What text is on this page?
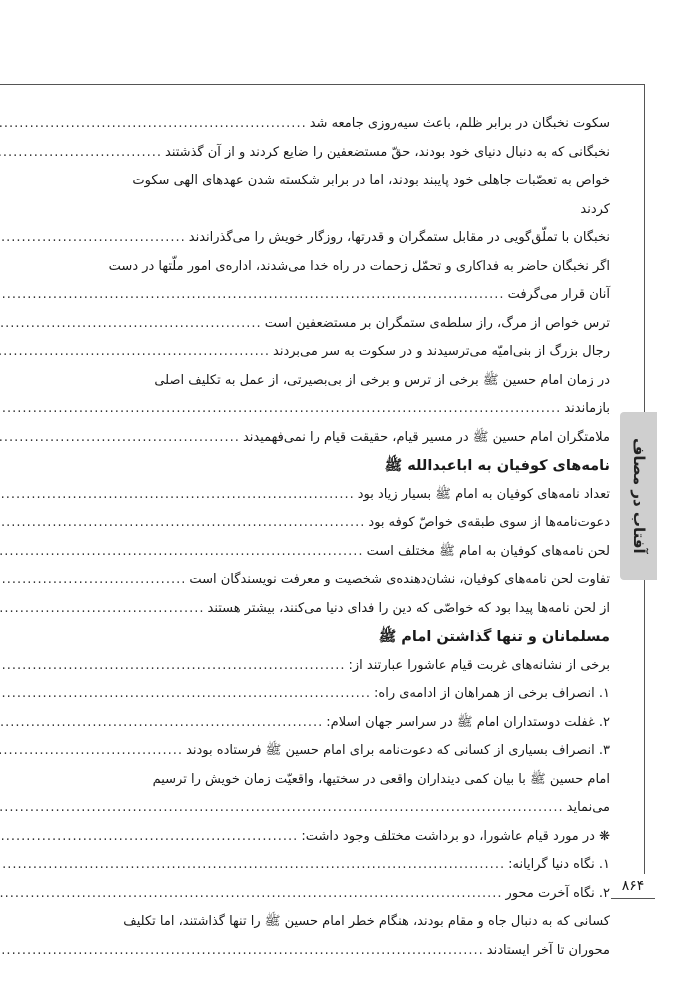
آفتاب در مصاف
۸۶۴
سکوت نخبگان در برابر ظلم، باعث سیه‌روزی جامعه شد
.....
نخبگانی که به دنبال دنیای خود بودند، حقّ مستضعفین را ضایع کردند و از آن گذشتند
.....
خواص به تعصّبات جاهلی خود پایبند بودند، اما در برابر شکسته شدن عهدهای الهی سکوت
کردند
نخبگان با تملّق‌گویی در مقابل ستمگران و قدرتها، روزگار خویش را می‌گذراندند
.....
اگر نخبگان حاضر به فداکاری و تحمّل زحمات در راه خدا می‌شدند، اداره‌ی امور ملّتها در دست
آنان قرار می‌گرفت
.....
ترس خواص از مرگ، راز سلطه‌ی ستمگران بر مستضعفین است
.....
رجال بزرگ از بنی‌امیّه می‌ترسیدند و در سکوت به سر می‌بردند
.....
در زمان امام حسین ﷺ برخی از ترس و برخی از بی‌بصیرتی، از عمل به تکلیف اصلی
بازماندند
.....
ملامتگران امام حسین ﷺ در مسیر قیام، حقیقت قیام را نمی‌فهمیدند
.....
نامه‌های کوفیان به اباعبدالله ﷺ
تعداد نامه‌های کوفیان به امام ﷺ بسیار زیاد بود
.....
دعوت‌نامه‌ها از سوی طبقه‌ی خواصّ کوفه بود
.....
لحن نامه‌های کوفیان به امام ﷺ مختلف است
.....
تفاوت لحن نامه‌های کوفیان، نشان‌دهنده‌ی شخصیت و معرفت نویسندگان است
.....
از لحن نامه‌ها پیدا بود که خواصّی که دین را فدای دنیا می‌کنند، بیشتر هستند
.....
مسلمانان و تنها گذاشتن امام ﷺ
برخی از نشانه‌های غربت قیام عاشورا عبارتند از:
.....
۱. انصراف برخی از همراهان از ادامه‌ی راه:
.....
۲. غفلت دوستداران امام ﷺ در سراسر جهان اسلام:
.....
۳. انصراف بسیاری از کسانی که دعوت‌نامه برای امام حسین ﷺ فرستاده بودند
.....
امام حسین ﷺ با بیان کمی دینداران واقعی در سختیها، واقعیّت زمان خویش را ترسیم
می‌نماید
.....
❋ در مورد قیام عاشورا، دو برداشت مختلف وجود داشت:
.....
۱. نگاه دنیا گرایانه:
.....
۲. نگاه آخرت محور
.....
کسانی که به دنبال جاه و مقام بودند، هنگام خطر امام حسین ﷺ را تنها گذاشتند، اما تکلیف
محوران تا آخر ایستادند
.....
